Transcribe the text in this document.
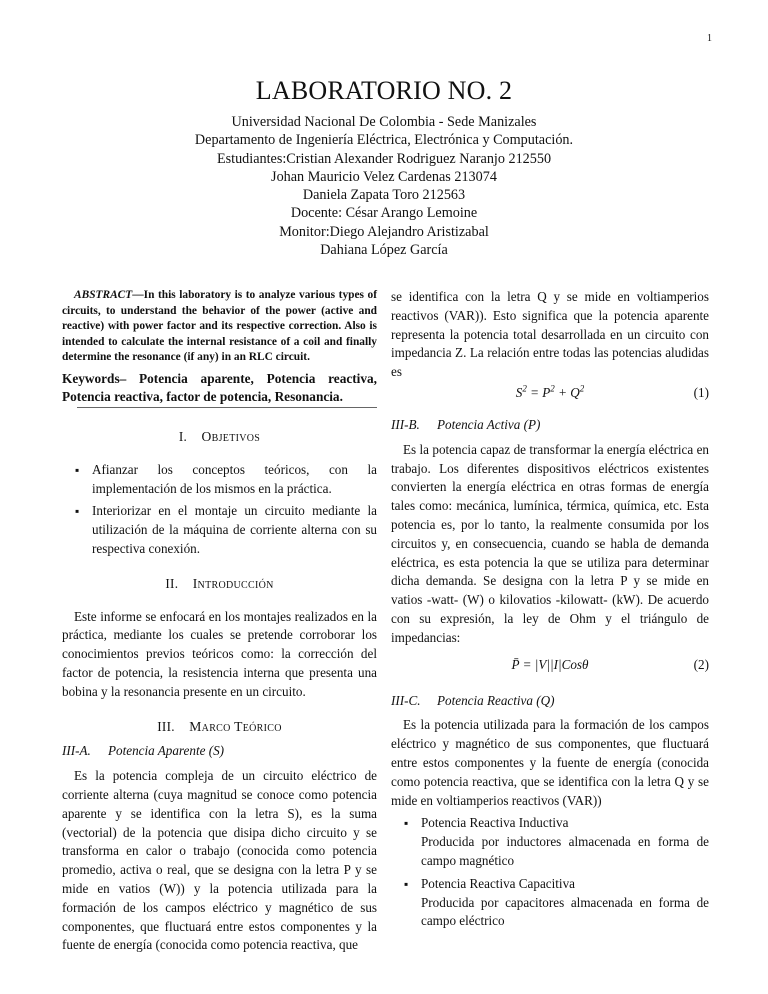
1
LABORATORIO NO. 2
Universidad Nacional De Colombia - Sede Manizales
Departamento de Ingeniería Eléctrica, Electrónica y Computación.
Estudiantes:Cristian Alexander Rodriguez Naranjo 212550
Johan Mauricio Velez Cardenas 213074
Daniela Zapata Toro 212563
Docente: César Arango Lemoine
Monitor:Diego Alejandro Aristizabal
Dahiana López García

ABSTRACT—In this laboratory is to analyze various types of circuits, to understand the behavior of the power (active and reactive) with power factor and its respective correction. Also is intended to calculate the internal resistance of a coil and finally determine the resonance (if any) in an RLC circuit.

Keywords– Potencia aparente, Potencia reactiva, Potencia reactiva, factor de potencia, Resonancia.

I. Objetivos
▪ Afianzar los conceptos teóricos, con la implementación de los mismos en la práctica.
▪ Interiorizar en el montaje un circuito mediante la utilización de la máquina de corriente alterna con su respectiva conexión.
II. Introducción

Este informe se enfocará en los montajes realizados en la práctica, mediante los cuales se pretende corroborar los conocimientos previos teóricos como: la corrección del factor de potencia, la resistencia interna que presenta una bobina y la resonancia presente en un circuito.

III. Marco Teórico
III-A. Potencia Aparente (S)

Es la potencia compleja de un circuito eléctrico de corriente alterna (cuya magnitud se conoce como potencia aparente y se identifica con la letra S), es la suma (vectorial) de la potencia que disipa dicho circuito y se transforma en calor o trabajo (conocida como potencia promedio, activa o real, que se designa con la letra P y se mide en vatios (W)) y la potencia utilizada para la formación de los campos eléctrico y magnético de sus componentes, que fluctuará entre estos componentes y la fuente de energía (conocida como potencia reactiva, que

se identifica con la letra Q y se mide en voltiamperios reactivos (VAR)). Esto significa que la potencia aparente representa la potencia total desarrollada en un circuito con impedancia Z. La relación entre todas las potencias aludidas es

$S^2 = P^2 + Q^2$	(1)
III-B. Potencia Activa (P)

Es la potencia capaz de transformar la energía eléctrica en trabajo. Los diferentes dispositivos eléctricos existentes convierten la energía eléctrica en otras formas de energía tales como: mecánica, lumínica, térmica, química, etc. Esta potencia es, por lo tanto, la realmente consumida por los circuitos y, en consecuencia, cuando se habla de demanda eléctrica, es esta potencia la que se utiliza para determinar dicha demanda. Se designa con la letra P y se mide en vatios -watt- (W) o kilovatios -kilowatt- (kW). De acuerdo con su expresión, la ley de Ohm y el triángulo de impedancias:

P̄ = |V||I|Cosθ	(2)
III-C. Potencia Reactiva (Q)

Es la potencia utilizada para la formación de los campos eléctrico y magnético de sus componentes, que fluctuará entre estos componentes y la fuente de energía (conocida como potencia reactiva, que se identifica con la letra Q y se mide en voltiamperios reactivos (VAR))

▪ Potencia Reactiva Inductiva
Producida por inductores almacenada en forma de campo magnético
▪ Potencia Reactiva Capacitiva
Producida por capacitores almacenada en forma de campo eléctrico
